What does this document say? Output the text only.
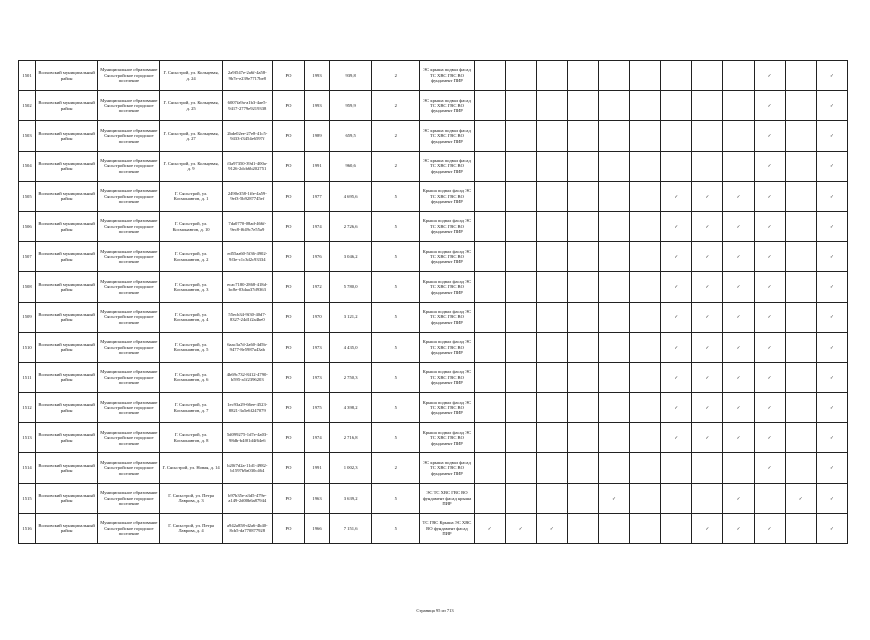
1501	Волховский муниципальный район	Муниципальное образование Сясьстройское городское поселение	Г. Сясьстрой, ул. Кольцевая, д. 24	2a9f547e-2a6f-4a58-9b7e-e239e7717be8	РО	1993	939,8	2	ЭС крыша подвал фасад ТС ХВС ГВС ВО фундамент ПИР										✓		✓
1502	Волховский муниципальный район	Муниципальное образование Сясьстройское городское поселение	Г. Сясьстрой, ул. Кольцевая, д. 25	6007fa9a-a1b3-4ae5-9417-2779e9219338	РО	1993	959,9	2	ЭС крыша подвал фасад ТС ХВС ГВС ВО фундамент ПИР										✓		✓
1503	Волховский муниципальный район	Муниципальное образование Сясьстройское городское поселение	Г. Сясьстрой, ул. Кольцевая, д. 27	2bde02ee-27e8-41c5-9433-f3454e6597f	РО	1989	659,5	2	ЭС крыша подвал фасад ТС ХВС ГВС ВО фундамент ПИР										✓		✓
1504	Волховский муниципальный район	Муниципальное образование Сясьстройское городское поселение	Г. Сясьстрой, ул. Кольцевая, д. 9	f3a97350-39d1-400a-9126-2dcb6b202751	РО	1991	960,6	2	ЭС крыша подвал фасад ТС ХВС ГВС ВО фундамент ПИР										✓		✓
1505	Волховский муниципальный район	Муниципальное образование Сясьстройское городское поселение	Г. Сясьстрой, ул. Космонавтов, д. 1	2490e358-1ffe-4a59-9ef3-5b9287745ef	РО	1977	4 695,6	5	Крыша подвал фасад ЭС ТС ХВС ГВС ВО фундамент ПИР							✓	✓	✓	✓		✓
1506	Волховский муниципальный район	Муниципальное образование Сясьстройское городское поселение	Г. Сясьстрой, ул. Космонавтов, д. 10	7da0770-08ad-466f-9ec8-f649c7e55a9	РО	1974	2 726,6	5	Крыша подвал фасад ЭС ТС ХВС ГВС ВО фундамент ПИР							✓	✓	✓	✓		✓
1507	Волховский муниципальный район	Муниципальное образование Сясьстройское городское поселение	Г. Сясьстрой, ул. Космонавтов, д. 2	ed55aa60-5f36-4902-9f3e-c1c3d2c93334	РО	1976	3 046,2	5	Крыша подвал фасад ЭС ТС ХВС ГВС ВО фундамент ПИР							✓	✓	✓	✓		✓
1508	Волховский муниципальный район	Муниципальное образование Сясьстройское городское поселение	Г. Сясьстрой, ул. Космонавтов, д. 3	ecac7180-2868-418d-bc8e-03daa37d9363	РО	1972	5 780,0	5	Крыша подвал фасад ЭС ТС ХВС ГВС ВО фундамент ПИР							✓	✓	✓	✓		✓
1509	Волховский муниципальный район	Муниципальное образование Сясьстройское городское поселение	Г. Сясьстрой, ул. Космонавтов, д. 4	55ecb34-9f30-40d7-8327-24d1f2a4be0	РО	1970	3 121,2	5	Крыша подвал фасад ЭС ТС ХВС ГВС ВО фундамент ПИР							✓	✓	✓	✓		✓
1510	Волховский муниципальный район	Муниципальное образование Сясьстройское городское поселение	Г. Сясьстрой, ул. Космонавтов, д. 5	6aac3a7d-2a60-4d5b-9477-8e5987a43ab	РО	1973	4 435,0	5	Крыша подвал фасад ЭС ТС ХВС ГВС ВО фундамент ПИР							✓	✓	✓	✓		✓
1511	Волховский муниципальный район	Муниципальное образование Сясьстройское городское поселение	Г. Сясьстрой, ул. Космонавтов, д. 6	4b69c732-8412-4790-b595-a1f2396203	РО	1973	2 750,3	5	Крыша подвал фасад ЭС ТС ХВС ГВС ВО фундамент ПИР							✓	✓	✓	✓		✓
1512	Волховский муниципальный район	Муниципальное образование Сясьстройское городское поселение	Г. Сясьстрой, ул. Космонавтов, д. 7	1ec93a29-66ee-4523-8821-3a5e6f247079	РО	1975	4 398,2	5	Крыша подвал фасад ЭС ТС ХВС ГВС ВО фундамент ПИР							✓	✓	✓	✓		✓
1513	Волховский муниципальный район	Муниципальное образование Сясьстройское городское поселение	Г. Сясьстрой, ул. Космонавтов, д. 8	5d099275-1d7e-4a03-98db-b4f01d4f64e6	РО	1974	2 716,8	5	Крыша подвал фасад ЭС ТС ХВС ГВС ВО фундамент ПИР							✓	✓	✓	✓		✓
1514	Волховский муниципальный район	Муниципальное образование Сясьстройское городское поселение	Г. Сясьстрой, ул. Новая, д. 14	b20f7d2a-11d1-4982-b1597b9a030c464	РО	1991	1 002,3	2	ЭС крыша подвал фасад ТС ХВС ГВС ВО фундамент ПИР										✓		✓
1515	Волховский муниципальный район	Муниципальное образование Сясьстройское городское поселение	Г. Сясьстрой, ул. Петра Лаврова, д. 3	b97b35e-a3d5-479e-a149-2d00b6a87944	РО	1963	3 639,2	5	ЭС ТС ХВС ГВС ВО фундамент фасад крыша ПИР					✓				✓		✓	✓
1516	Волховский муниципальный район	Муниципальное образование Сясьстройское городское поселение	Г. Сясьстрой, ул. Петра Лаврова, д. 4	a942a858-d2a6-4b40-8cb5-da770877928	РО	1966	7 151,6	5	ТС ГВС Крыша ЭС ХВС ВО фундамент фасад ПИР	✓	✓	✓					✓	✓	✓		✓
Страница 95 из 713
